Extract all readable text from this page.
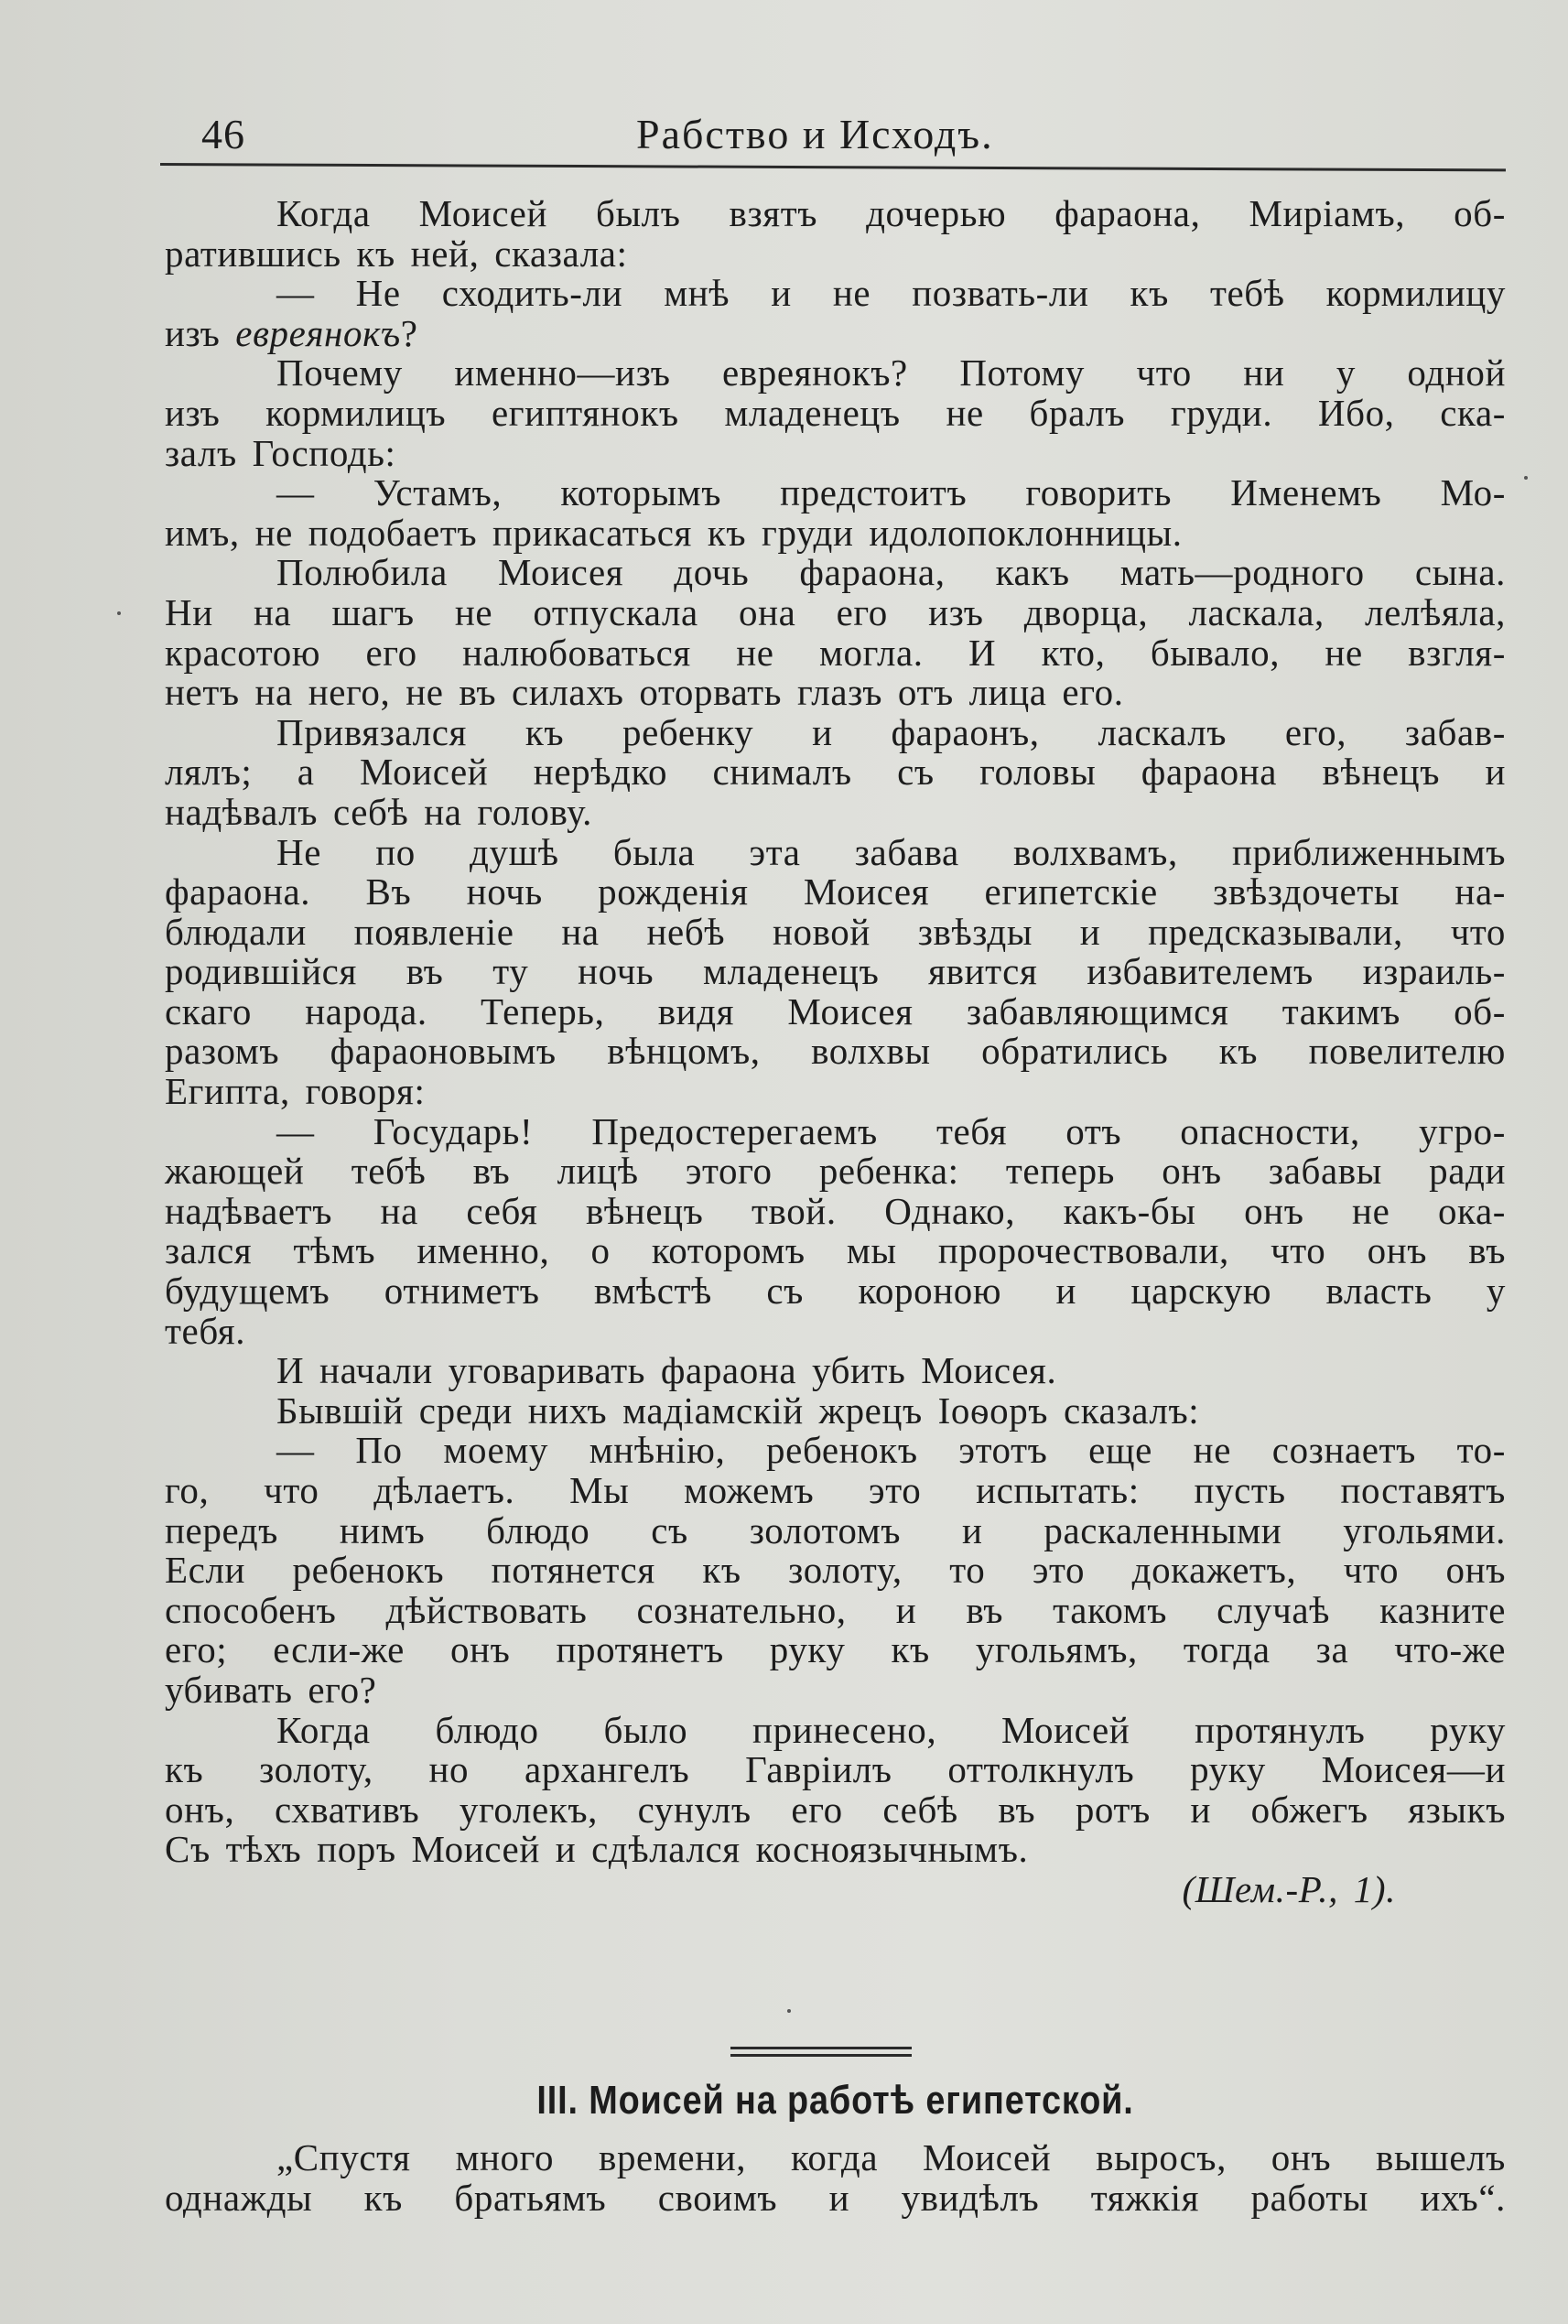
46	Рабство и Исходъ.
Когда Моисей былъ взятъ дочерью фараона, Миріамъ, об-
ратившись къ ней, сказала:
— Не сходить-ли мнѣ и не позвать-ли къ тебѣ кормилицу
изъ евреянокъ?
Почему именно—изъ евреянокъ? Потому что ни у одной
изъ кормилицъ египтянокъ младенецъ не бралъ груди. Ибо, ска-
залъ Господь:
— Устамъ, которымъ предстоитъ говорить Именемъ Мо-
имъ, не подобаетъ прикасаться къ груди идолопоклонницы.
Полюбила Моисея дочь фараона, какъ мать—родного сына.
Ни на шагъ не отпускала она его изъ дворца, ласкала, лелѣяла,
красотою его налюбоваться не могла. И кто, бывало, не взгля-
нетъ на него, не въ силахъ оторвать глазъ отъ лица его.
Привязался къ ребенку и фараонъ, ласкалъ его, забав-
лялъ; а Моисей нерѣдко снималъ съ головы фараона вѣнецъ и
надѣвалъ себѣ на голову.
Не по душѣ была эта забава волхвамъ, приближеннымъ
фараона. Въ ночь рожденія Моисея египетскіе звѣздочеты на-
блюдали появленіе на небѣ новой звѣзды и предсказывали, что
родившійся въ ту ночь младенецъ явится избавителемъ израиль-
скаго народа. Теперь, видя Моисея забавляющимся такимъ об-
разомъ фараоновымъ вѣнцомъ, волхвы обратились къ повелителю
Египта, говоря:
— Государь! Предостерегаемъ тебя отъ опасности, угро-
жающей тебѣ въ лицѣ этого ребенка: теперь онъ забавы ради
надѣваетъ на себя вѣнецъ твой. Однако, какъ-бы онъ не ока-
зался тѣмъ именно, о которомъ мы пророчествовали, что онъ въ
будущемъ отниметъ вмѣстѣ съ короною и царскую власть у
тебя.
И начали уговаривать фараона убить Моисея.
Бывшій среди нихъ мадіамскій жрецъ Іоѳоръ сказалъ:
— По моему мнѣнію, ребенокъ этотъ еще не сознаетъ то-
го, что дѣлаетъ. Мы можемъ это испытать: пусть поставятъ
передъ нимъ блюдо съ золотомъ и раскаленными угольями.
Если ребенокъ потянется къ золоту, то это докажетъ, что онъ
способенъ дѣйствовать сознательно, и въ такомъ случаѣ казните
его; если-же онъ протянетъ руку къ угольямъ, тогда за что-же
убивать его?
Когда блюдо было принесено, Моисей протянулъ руку
къ золоту, но архангелъ Гавріилъ оттолкнулъ руку Моисея—и
онъ, схвативъ уголекъ, сунулъ его себѣ въ ротъ и обжегъ языкъ
Съ тѣхъ поръ Моисей и сдѣлался косноязычнымъ.
(Шем.-Р., 1).
III. Моисей на работѣ египетской.
„Спустя много времени, когда Моисей выросъ, онъ вышелъ
однажды къ братьямъ своимъ и увидѣлъ тяжкія работы ихъ“.
